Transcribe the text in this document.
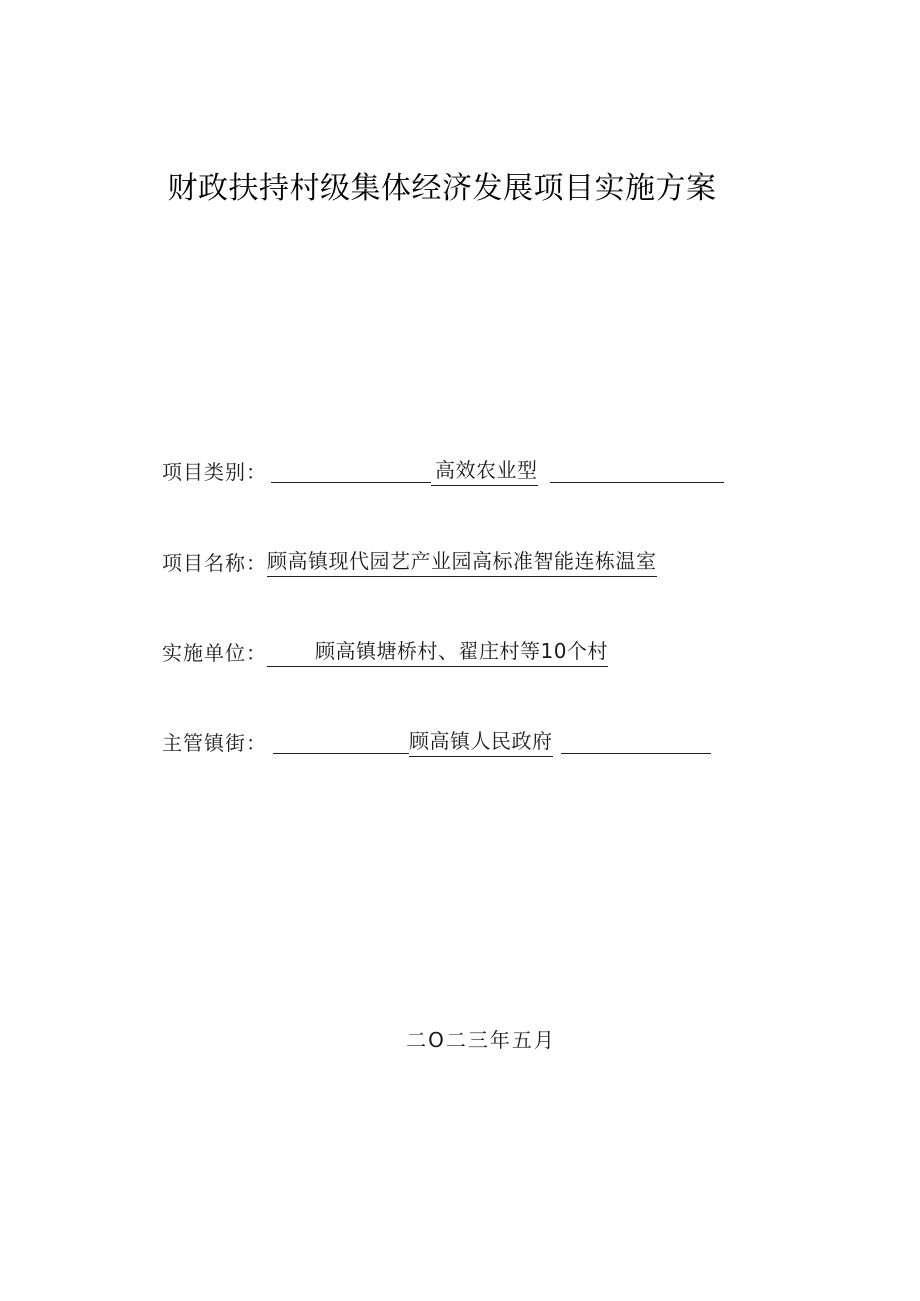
财政扶持村级集体经济发展项目实施方案
项目类别：	高效农业型
项目名称： 顾高镇现代园艺产业园高标准智能连栋温室
实施单位：	顾高镇塘桥村、翟庄村等10个村
主管镇街：	顾高镇人民政府
二O二三年五月
